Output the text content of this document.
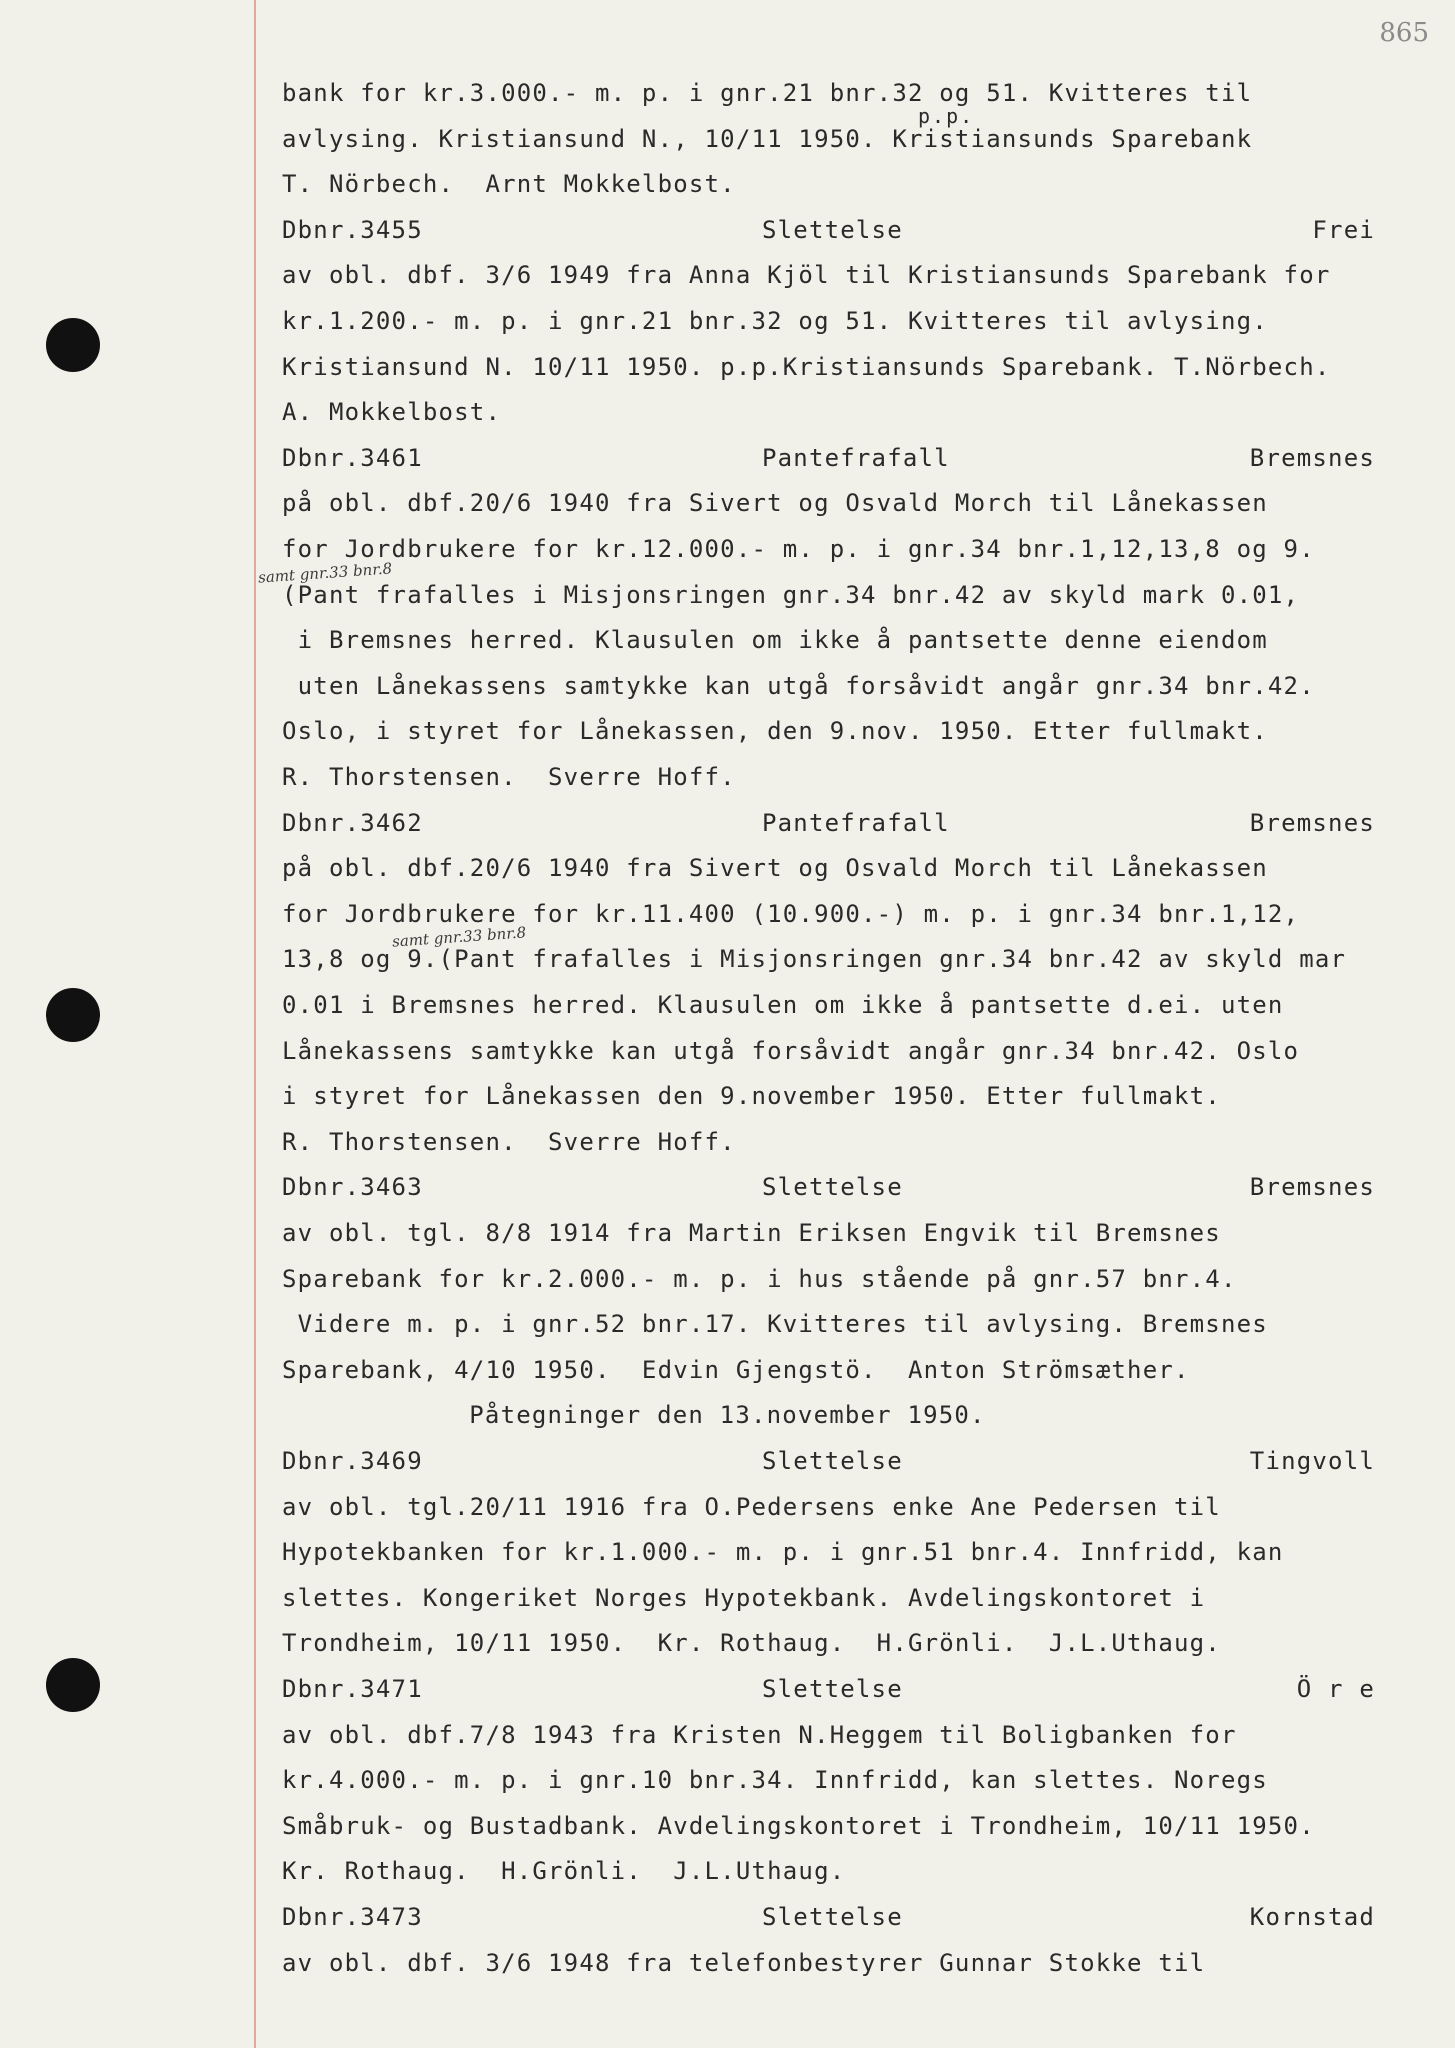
865
p.p.
bank for kr.3.000.- m. p. i gnr.21 bnr.32 og 51. Kvitteres til
avlysing. Kristiansund N., 10/11 1950. Kristiansunds Sparebank
T. Nörbech.  Arnt Mokkelbost.
Dbnr.3455	Slettelse	Frei
av obl. dbf. 3/6 1949 fra Anna Kjöl til Kristiansunds Sparebank for
kr.1.200.- m. p. i gnr.21 bnr.32 og 51. Kvitteres til avlysing.
Kristiansund N. 10/11 1950. p.p.Kristiansunds Sparebank. T.Nörbech.
A. Mokkelbost.
Dbnr.3461	Pantefrafall	Bremsnes
på obl. dbf.20/6 1940 fra Sivert og Osvald Morch til Lånekassen
for Jordbrukere for kr.12.000.- m. p. i gnr.34 bnr.1,12,13,8 og 9.
samt gnr.33 bnr.8
(Pant frafalles i Misjonsringen gnr.34 bnr.42 av skyld mark 0.01,
i Bremsnes herred. Klausulen om ikke å pantsette denne eiendom
uten Lånekassens samtykke kan utgå forsåvidt angår gnr.34 bnr.42.
Oslo, i styret for Lånekassen, den 9.nov. 1950. Etter fullmakt.
R. Thorstensen.  Sverre Hoff.
Dbnr.3462	Pantefrafall	Bremsnes
på obl. dbf.20/6 1940 fra Sivert og Osvald Morch til Lånekassen
for Jordbrukere for kr.11.400 (10.900.-) m. p. i gnr.34 bnr.1,12,
samt gnr.33 bnr.8
13,8 og 9.(Pant frafalles i Misjonsringen gnr.34 bnr.42 av skyld mar
0.01 i Bremsnes herred. Klausulen om ikke å pantsette d.ei. uten
Lånekassens samtykke kan utgå forsåvidt angår gnr.34 bnr.42. Oslo
i styret for Lånekassen den 9.november 1950. Etter fullmakt.
R. Thorstensen.  Sverre Hoff.
Dbnr.3463	Slettelse	Bremsnes
av obl. tgl. 8/8 1914 fra Martin Eriksen Engvik til Bremsnes
Sparebank for kr.2.000.- m. p. i hus stående på gnr.57 bnr.4.
Videre m. p. i gnr.52 bnr.17. Kvitteres til avlysing. Bremsnes
Sparebank, 4/10 1950.  Edvin Gjengstö.  Anton Strömsæther.
Påtegninger den 13.november 1950.
Dbnr.3469	Slettelse	Tingvoll
av obl. tgl.20/11 1916 fra O.Pedersens enke Ane Pedersen til
Hypotekbanken for kr.1.000.- m. p. i gnr.51 bnr.4. Innfridd, kan
slettes. Kongeriket Norges Hypotekbank. Avdelingskontoret i
Trondheim, 10/11 1950.  Kr. Rothaug.  H.Grönli.  J.L.Uthaug.
Dbnr.3471	Slettelse	Ö r e
av obl. dbf.7/8 1943 fra Kristen N.Heggem til Boligbanken for
kr.4.000.- m. p. i gnr.10 bnr.34. Innfridd, kan slettes. Noregs
Småbruk- og Bustadbank. Avdelingskontoret i Trondheim, 10/11 1950.
Kr. Rothaug.  H.Grönli.  J.L.Uthaug.
Dbnr.3473	Slettelse	Kornstad
av obl. dbf. 3/6 1948 fra telefonbestyrer Gunnar Stokke til
